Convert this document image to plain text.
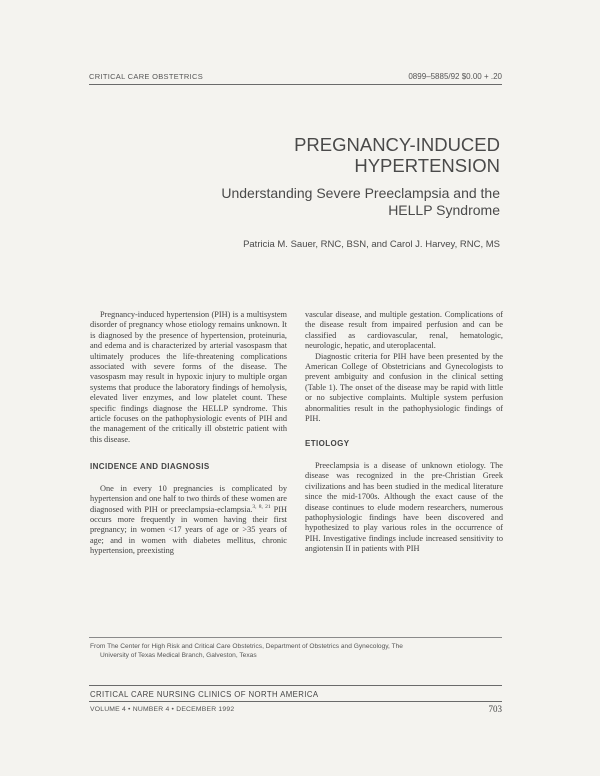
CRITICAL CARE OBSTETRICS	0899–5885/92 $0.00 + .20
PREGNANCY-INDUCED
HYPERTENSION
Understanding Severe Preeclampsia and the
HELLP Syndrome
Patricia M. Sauer, RNC, BSN, and Carol J. Harvey, RNC, MS

Pregnancy-induced hypertension (PIH) is a multisystem disorder of pregnancy whose etiology remains unknown. It is diagnosed by the presence of hypertension, proteinuria, and edema and is characterized by arterial vasospasm that ultimately produces the life-threatening complications associated with severe forms of the disease. The vasospasm may result in hypoxic injury to multiple organ systems that produce the laboratory findings of hemolysis, elevated liver enzymes, and low platelet count. These specific findings diagnose the HELLP syndrome. This article focuses on the pathophysiologic events of PIH and the management of the critically ill obstetric patient with this disease.

INCIDENCE AND DIAGNOSIS

One in every 10 pregnancies is complicated by hypertension and one half to two thirds of these women are diagnosed with PIH or preeclampsia-eclampsia.$^{3, 8, 21}$ PIH occurs more frequently in women having their first pregnancy; in women <17 years of age or >35 years of age; and in women with diabetes mellitus, chronic hypertension, preexisting

vascular disease, and multiple gestation. Complications of the disease result from impaired perfusion and can be classified as cardiovascular, renal, hematologic, neurologic, hepatic, and uteroplacental.

Diagnostic criteria for PIH have been presented by the American College of Obstetricians and Gynecologists to prevent ambiguity and confusion in the clinical setting (Table 1). The onset of the disease may be rapid with little or no subjective complaints. Multiple system perfusion abnormalities result in the pathophysiologic findings of PIH.

ETIOLOGY

Preeclampsia is a disease of unknown etiology. The disease was recognized in the pre-Christian Greek civilizations and has been studied in the medical literature since the mid-1700s. Although the exact cause of the disease continues to elude modern researchers, numerous pathophysiologic findings have been discovered and hypothesized to play various roles in the occurrence of PIH. Investigative findings include increased sensitivity to angiotensin II in patients with PIH

From The Center for High Risk and Critical Care Obstetrics, Department of Obstetrics and Gynecology, The
University of Texas Medical Branch, Galveston, Texas
CRITICAL CARE NURSING CLINICS OF NORTH AMERICA
VOLUME 4 • NUMBER 4 • DECEMBER 1992	703
